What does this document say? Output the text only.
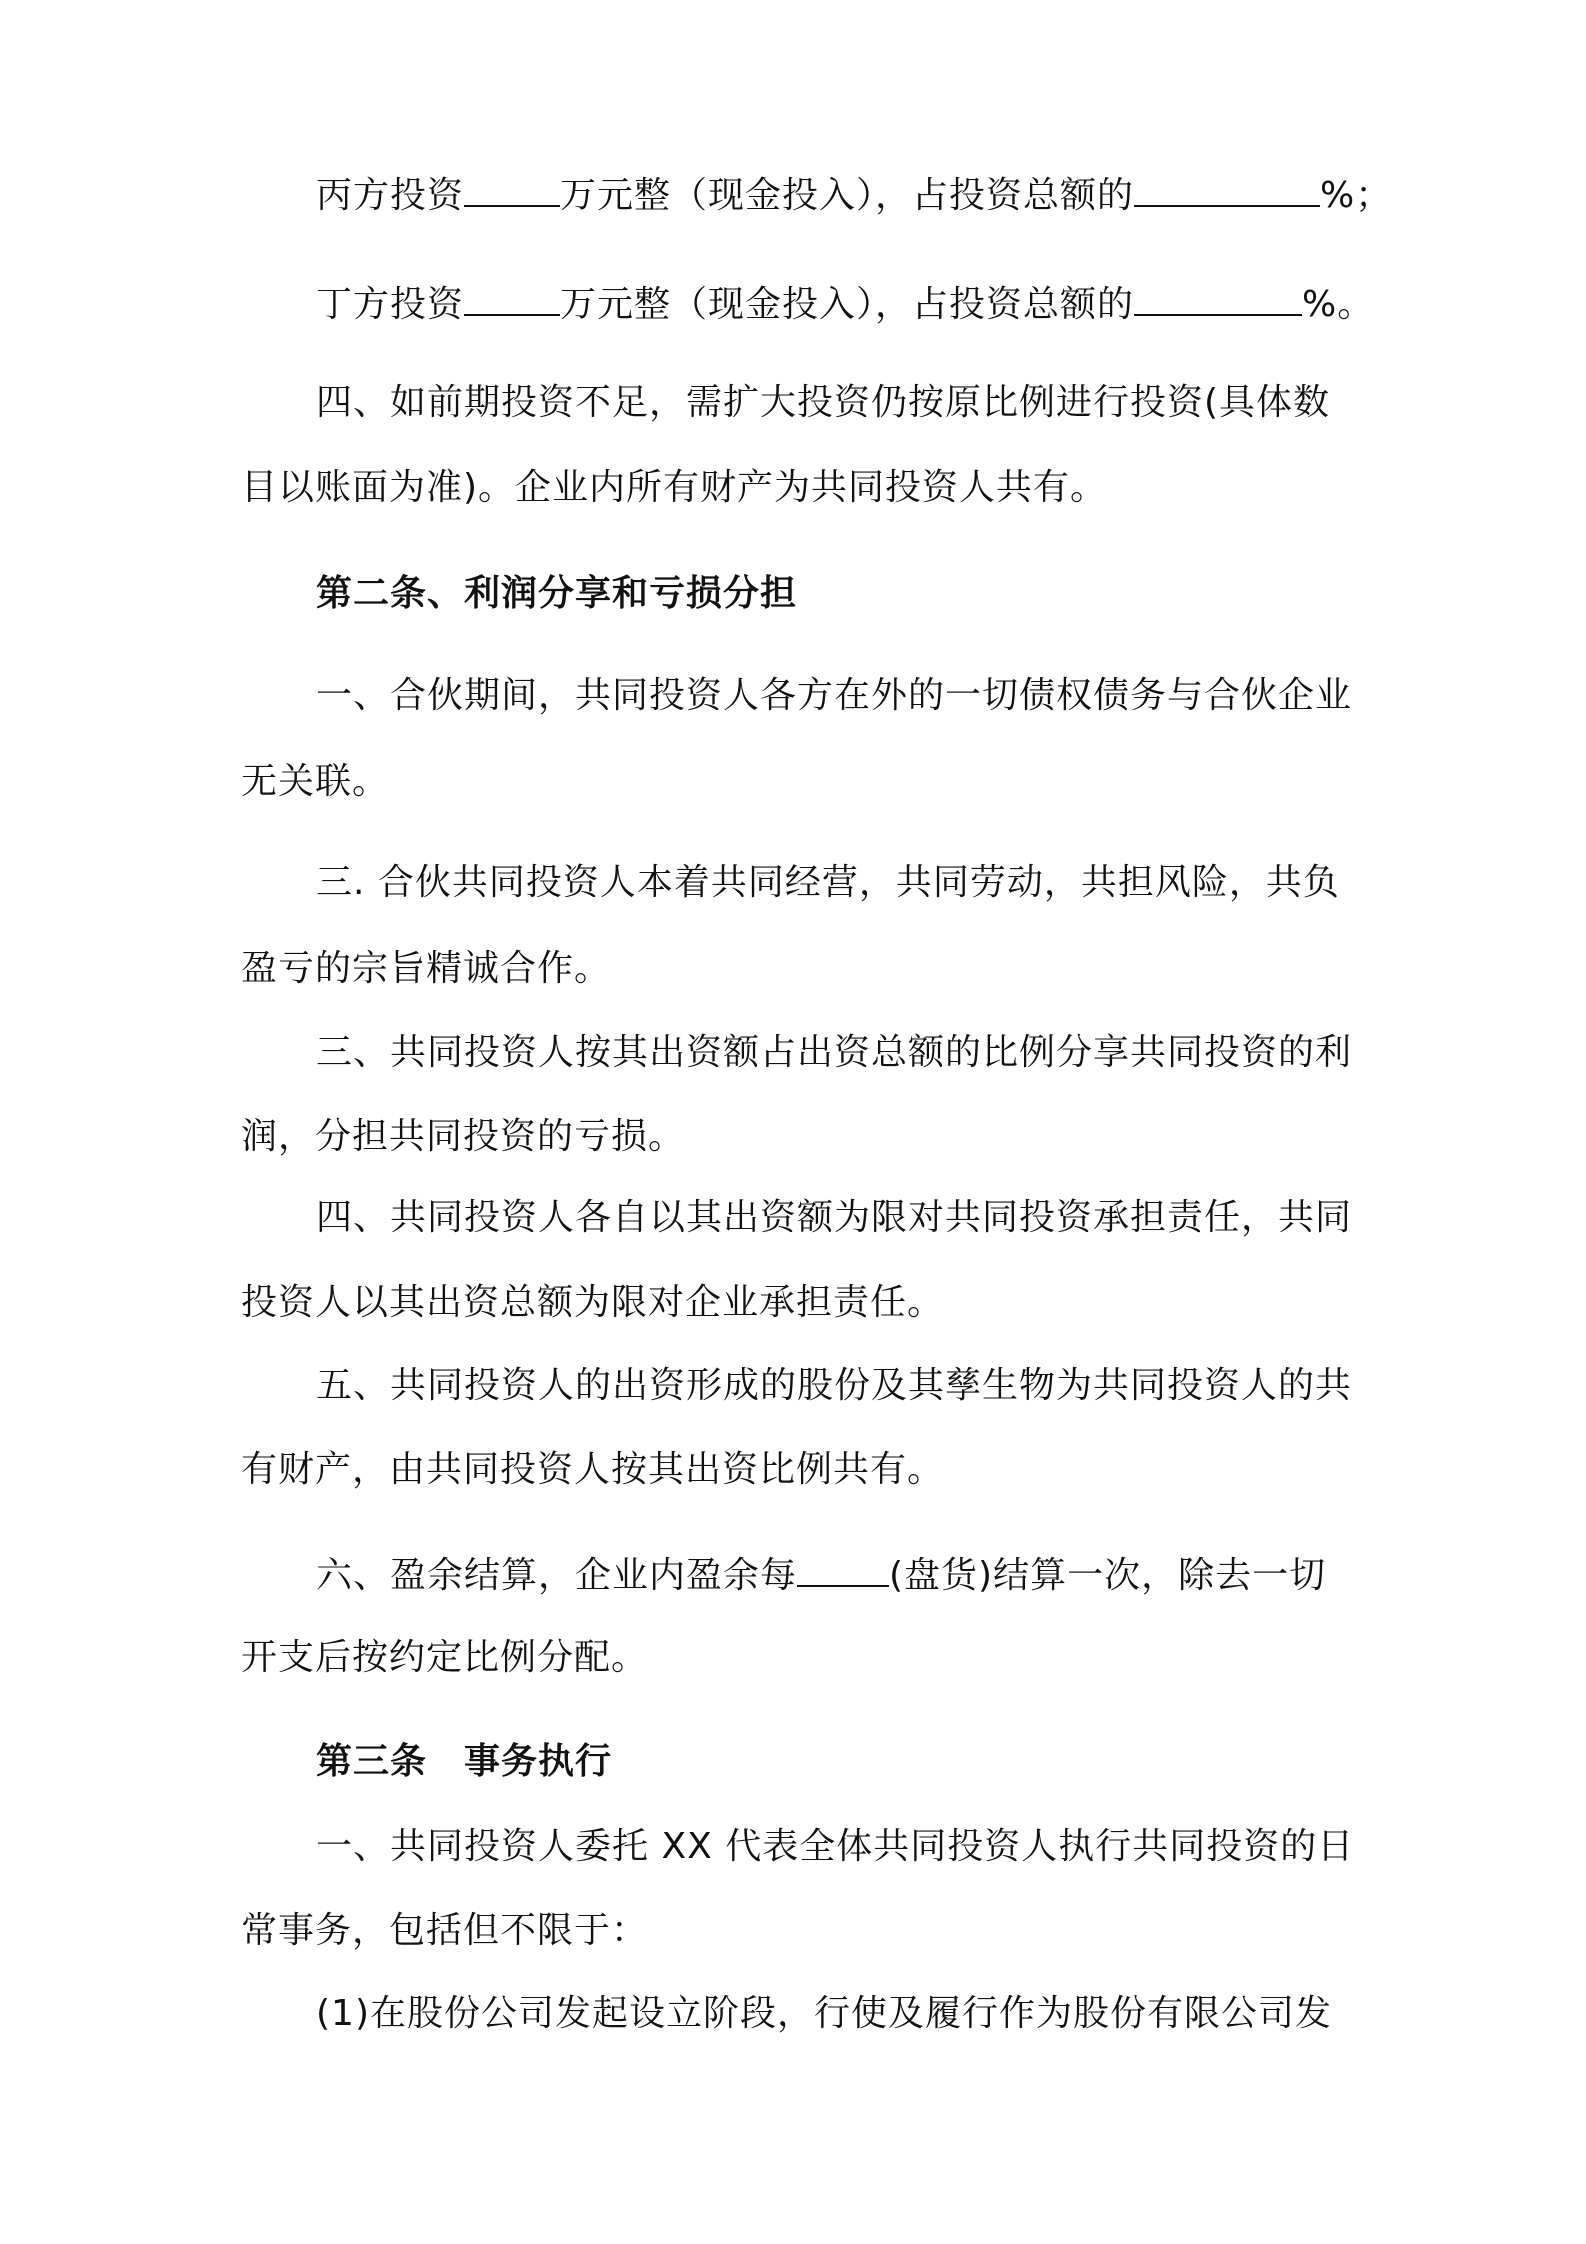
丙方投资	万元整（现金投入），占投资总额的	%；
丁方投资	万元整（现金投入），占投资总额的	%。
四、如前期投资不足，需扩大投资仍按原比例进行投资(具体数
目以账面为准)。企业内所有财产为共同投资人共有。
第二条、利润分享和亏损分担
一、合伙期间，共同投资人各方在外的一切债权债务与合伙企业
无关联。
三. 合伙共同投资人本着共同经营，共同劳动，共担风险，共负
盈亏的宗旨精诚合作。
三、共同投资人按其出资额占出资总额的比例分享共同投资的利
润，分担共同投资的亏损。
四、共同投资人各自以其出资额为限对共同投资承担责任，共同
投资人以其出资总额为限对企业承担责任。
五、共同投资人的出资形成的股份及其孳生物为共同投资人的共
有财产，由共同投资人按其出资比例共有。
六、盈余结算，企业内盈余每	(盘货)结算一次，除去一切
开支后按约定比例分配。
第三条　事务执行
一、共同投资人委托 XX 代表全体共同投资人执行共同投资的日
常事务，包括但不限于：
(1)在股份公司发起设立阶段，行使及履行作为股份有限公司发
